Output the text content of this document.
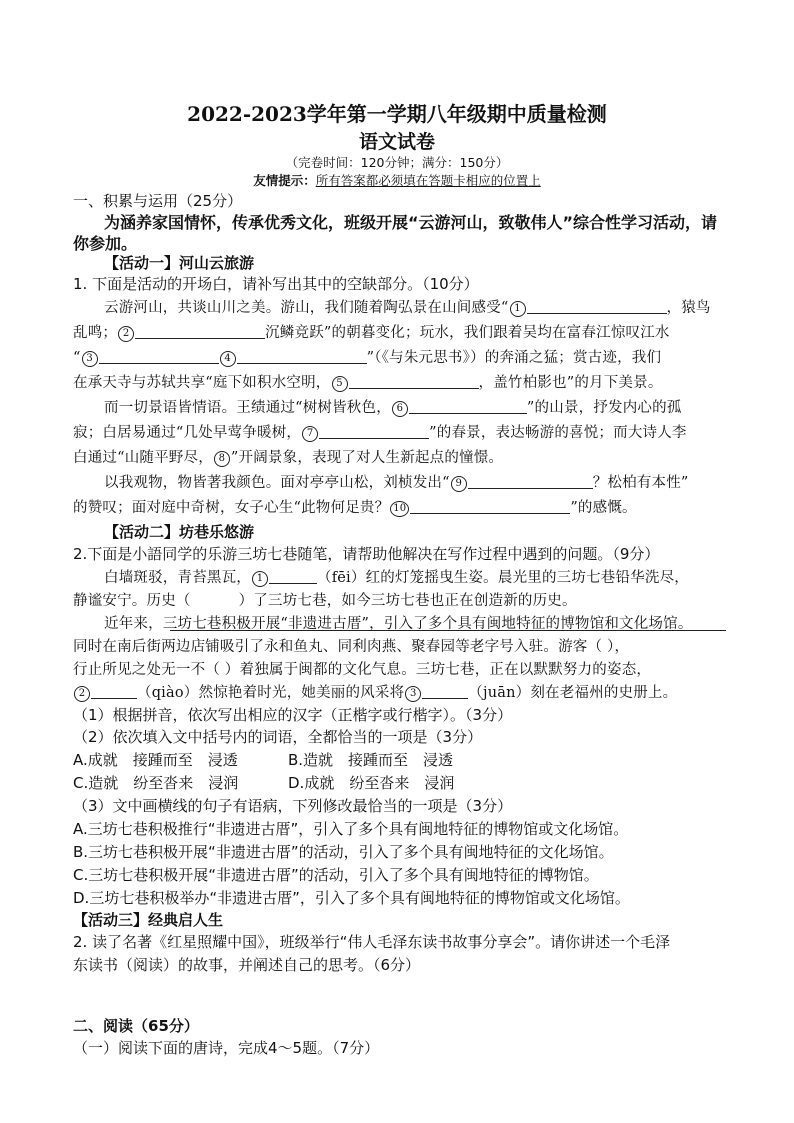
2022-2023学年第一学期八年级期中质量检测
语文试卷
（完卷时间：120分钟；满分：150分）
友情提示：所有答案都必须填在答题卡相应的位置上
一、积累与运用（25分）
为涵养家国情怀，传承优秀文化，班级开展“云游河山，致敬伟人”综合性学习活动，请
你参加。
【活动一】河山云旅游
1. 下面是活动的开场白，请补写出其中的空缺部分。（10分）
云游河山，共谈山川之美。游山，我们随着陶弘景在山间感受“ 1	，猿鸟
乱鸣； 2	沉鳞竞跃”的朝暮变化；玩水，我们跟着吴均在富春江惊叹江水
“ 3	4	”（《与朱元思书》）的奔涌之猛；赏古迹，我们
在承天寺与苏轼共享“庭下如积水空明， 5	，盖竹柏影也”的月下美景。
而一切景语皆情语。王绩通过“树树皆秋色， 6	”的山景，抒发内心的孤
寂；白居易通过“几处早莺争暖树， 7	”的春景，表达畅游的喜悦；而大诗人李
白通过“山随平野尽， 8 ”开阔景象，表现了对人生新起点的憧憬。
以我观物，物皆著我颜色。面对亭亭山松，刘桢发出“ 9	？松柏有本性”
的赞叹；面对庭中奇树，女子心生“此物何足贵？ 10	”的感慨。
【活动二】坊巷乐悠游
2.下面是小語同学的乐游三坊七巷随笔，请帮助他解决在写作过程中遇到的问题。（9分）
白墙斑驳，青苔黑瓦， 1	（fēi）红的灯笼摇曳生姿。晨光里的三坊七巷铅华洗尽，
静谧安宁。历史（	）了三坊七巷，如今三坊七巷也正在创造新的历史。
近年来，三坊七巷积极开展“非遗进古厝”，引入了多个具有闽地特征的博物馆和文化场馆。
同时在南后街两边店铺吸引了永和鱼丸、同利肉燕、聚春园等老字号入驻。游客（ ），
行止所见之处无一不（ ）着独属于闽都的文化气息。三坊七巷，正在以默默努力的姿态，
2	（qiào）然惊艳着时光，她美丽的风采将 3	（juān）刻在老福州的史册上。
（1）根据拼音，依次写出相应的汉字（正楷字或行楷字）。（3分）
（2）依次填入文中括号内的词语，全都恰当的一项是（3分）
A.成就　接踵而至　浸透	B.造就　接踵而至　浸透
C.造就　纷至沓来　浸润	D.成就　纷至沓来　浸润
（3）文中画横线的句子有语病，下列修改最恰当的一项是（3分）
A.三坊七巷积极推行“非遗进古厝”，引入了多个具有闽地特征的博物馆或文化场馆。
B.三坊七巷积极开展“非遗进古厝”的活动，引入了多个具有闽地特征的文化场馆。
C.三坊七巷积极开展“非遗进古厝”的活动，引入了多个具有闽地特征的博物馆。
D.三坊七巷积极举办“非遗进古厝”，引入了多个具有闽地特征的博物馆或文化场馆。
【活动三】经典启人生
2. 读了名著《红星照耀中国》，班级举行“伟人毛泽东读书故事分享会”。请你讲述一个毛泽
东读书（阅读）的故事，并阐述自己的思考。（6分）
二、阅读（65分）
（一）阅读下面的唐诗，完成4～5题。（7分）
